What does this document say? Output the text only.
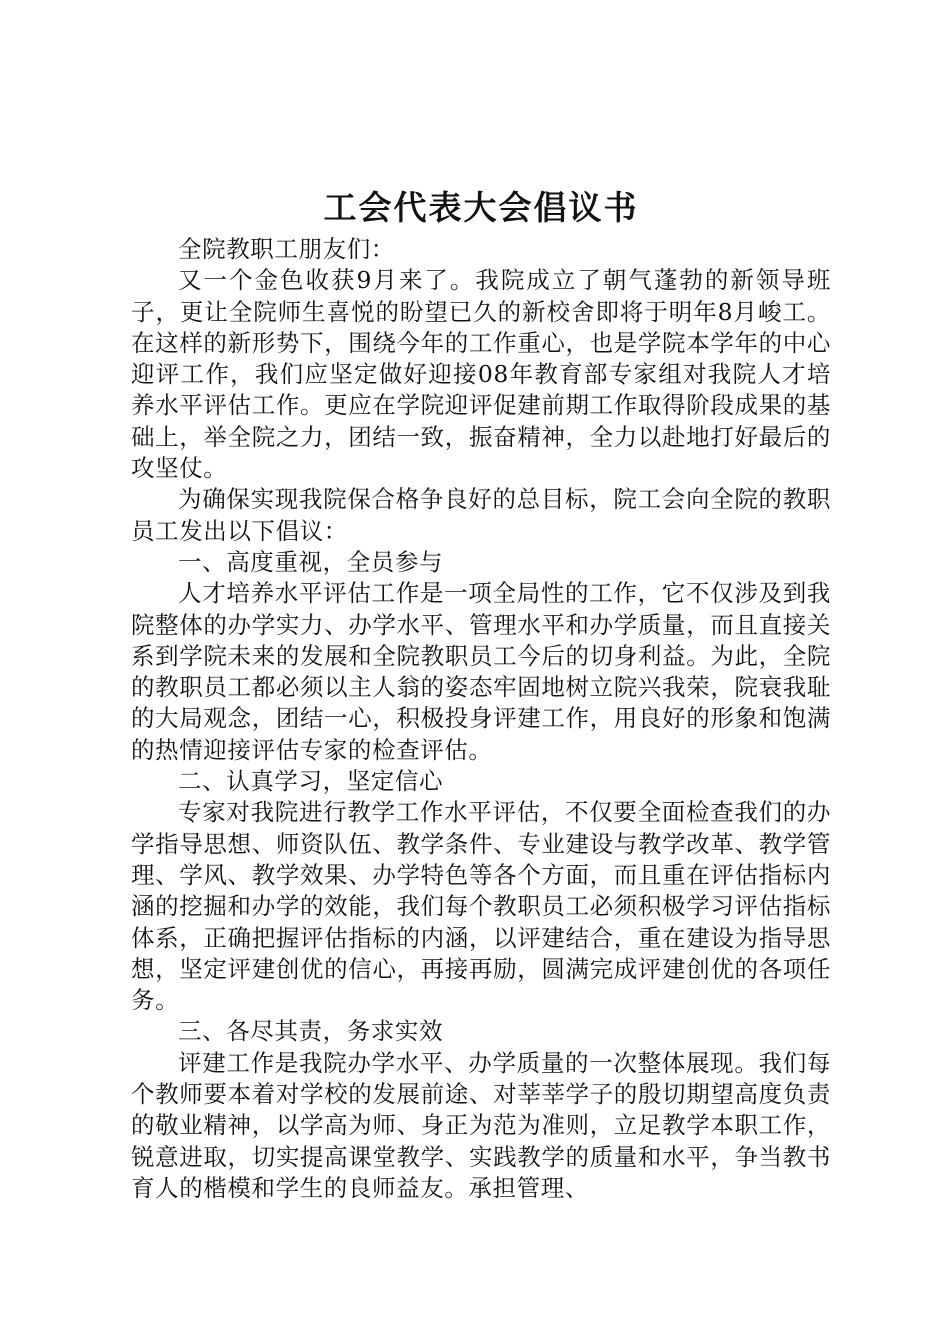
工会代表大会倡议书

全院教职工朋友们：

又一个金色收获9月来了。我院成立了朝气蓬勃的新领导班子，更让全院师生喜悦的盼望已久的新校舍即将于明年8月峻工。在这样的新形势下，围绕今年的工作重心，也是学院本学年的中心迎评工作，我们应坚定做好迎接08年教育部专家组对我院人才培养水平评估工作。更应在学院迎评促建前期工作取得阶段成果的基础上，举全院之力，团结一致，振奋精神，全力以赴地打好最后的攻坚仗。

为确保实现我院保合格争良好的总目标，院工会向全院的教职员工发出以下倡议：

一、高度重视，全员参与

人才培养水平评估工作是一项全局性的工作，它不仅涉及到我院整体的办学实力、办学水平、管理水平和办学质量，而且直接关系到学院未来的发展和全院教职员工今后的切身利益。为此，全院的教职员工都必须以主人翁的姿态牢固地树立院兴我荣，院衰我耻的大局观念，团结一心，积极投身评建工作，用良好的形象和饱满的热情迎接评估专家的检查评估。

二、认真学习，坚定信心

专家对我院进行教学工作水平评估，不仅要全面检查我们的办学指导思想、师资队伍、教学条件、专业建设与教学改革、教学管理、学风、教学效果、办学特色等各个方面，而且重在评估指标内涵的挖掘和办学的效能，我们每个教职员工必须积极学习评估指标体系，正确把握评估指标的内涵，以评建结合，重在建设为指导思想，坚定评建创优的信心，再接再励，圆满完成评建创优的各项任务。

三、各尽其责，务求实效

评建工作是我院办学水平、办学质量的一次整体展现。我们每个教师要本着对学校的发展前途、对莘莘学子的殷切期望高度负责的敬业精神，以学高为师、身正为范为准则，立足教学本职工作，锐意进取，切实提高课堂教学、实践教学的质量和水平，争当教书育人的楷模和学生的良师益友。承担管理、
